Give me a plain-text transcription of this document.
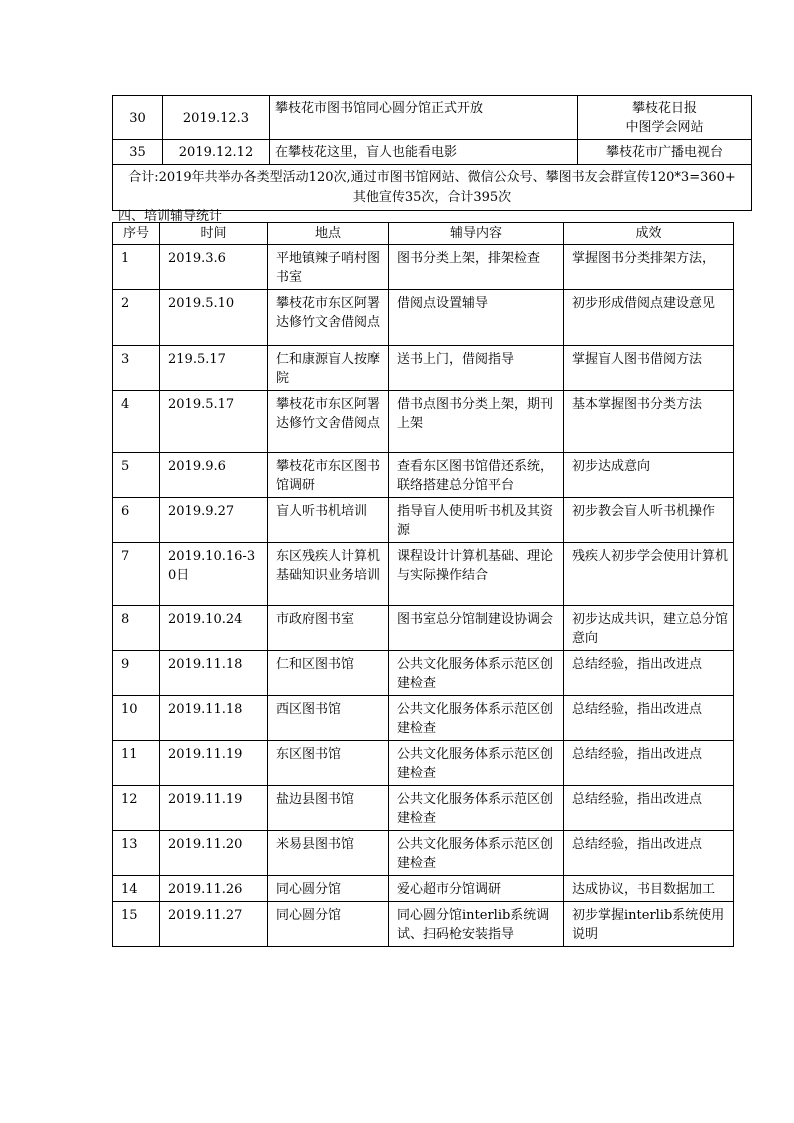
30	2019.12.3	攀枝花市图书馆同心圆分馆正式开放	攀枝花日报
中图学会网站

35	2019.12.12	在攀枝花这里，盲人也能看电影	攀枝花市广播电视台

合计:2019年共举办各类型活动120次,通过市图书馆网站、微信公众号、攀图书友会群宣传120*3=360+
其他宣传35次，合计395次			
四、培训辅导统计
序号	时间	地点	辅导内容	成效
1	2019.3.6	平地镇辣子哨村图书室	图书分类上架，排架检查	掌握图书分类排架方法，
2	2019.5.10	攀枝花市东区阿署达修竹文舍借阅点	借阅点设置辅导	初步形成借阅点建设意见
3	219.5.17	仁和康源盲人按摩院	送书上门，借阅指导	掌握盲人图书借阅方法
4	2019.5.17	攀枝花市东区阿署达修竹文舍借阅点	借书点图书分类上架，期刊上架	基本掌握图书分类方法
5	2019.9.6	攀枝花市东区图书馆调研	查看东区图书馆借还系统，联络搭建总分馆平台	初步达成意向
6	2019.9.27	盲人听书机培训	指导盲人使用听书机及其资源	初步教会盲人听书机操作
7	2019.10.16-30日	东区残疾人计算机基础知识业务培训	课程设计计算机基础、理论与实际操作结合	残疾人初步学会使用计算机
8	2019.10.24	市政府图书室	图书室总分馆制建设协调会	初步达成共识，建立总分馆意向
9	2019.11.18	仁和区图书馆	公共文化服务体系示范区创建检查	总结经验，指出改进点
10	2019.11.18	西区图书馆	公共文化服务体系示范区创建检查	总结经验，指出改进点
11	2019.11.19	东区图书馆	公共文化服务体系示范区创建检查	总结经验，指出改进点
12	2019.11.19	盐边县图书馆	公共文化服务体系示范区创建检查	总结经验，指出改进点
13	2019.11.20	米易县图书馆	公共文化服务体系示范区创建检查	总结经验，指出改进点
14	2019.11.26	同心圆分馆	爱心超市分馆调研	达成协议，书目数据加工
15	2019.11.27	同心圆分馆	同心圆分馆interlib系统调试、扫码枪安装指导	初步掌握interlib系统使用说明
